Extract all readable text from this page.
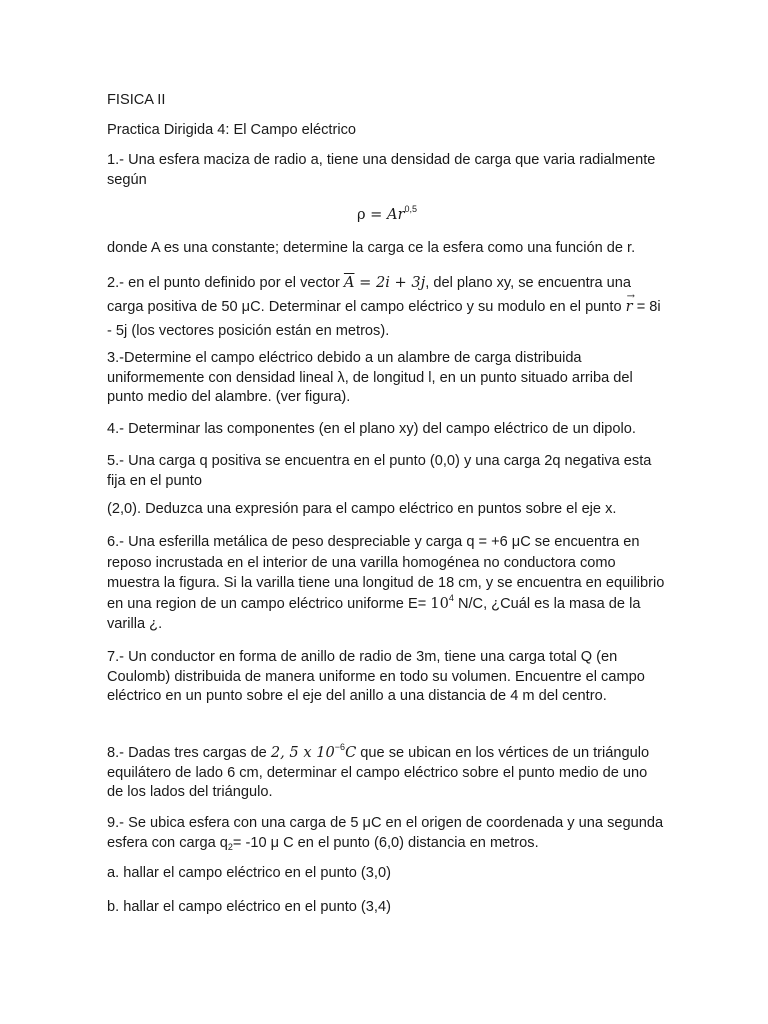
FISICA II

Practica Dirigida 4: El Campo eléctrico

1.- Una esfera maciza de radio a, tiene una densidad de carga que varia radialmente según

ρ = Ar$^{0,5}$

donde A es una constante; determine la carga ce la esfera como una función de r.

2.- en el punto definido por el vector $\overline{A} = 2i + 3j$, del plano xy, se encuentra una carga positiva de 50 μC. Determinar el campo eléctrico y su modulo en el punto
→
r = 8i - 5j (los vectores posición están en metros).

3.-Determine el campo eléctrico debido a un alambre de carga distribuida uniformemente con densidad lineal λ, de longitud l, en un punto situado arriba del punto medio del alambre. (ver figura).

4.- Determinar las componentes (en el plano xy) del campo eléctrico de un dipolo.

5.- Una carga q positiva se encuentra en el punto (0,0) y una carga 2q negativa esta fija en el punto

(2,0). Deduzca una expresión para el campo eléctrico en puntos sobre el eje x.

6.- Una esferilla metálica de peso despreciable y carga q = +6 μC se encuentra en reposo incrustada en el interior de una varilla homogénea no conductora como muestra la figura. Si la varilla tiene una longitud de 18 cm, y se encuentra en equilibrio en una region de un campo eléctrico uniforme $E= 10^4$ N/C, ¿Cuál es la masa de la varilla ¿.

7.- Un conductor en forma de anillo de radio de 3m, tiene una carga total Q (en Coulomb) distribuida de manera uniforme en todo su volumen. Encuentre el campo eléctrico en un punto sobre el eje del anillo a una distancia de 4 m del centro.

8.- Dadas tres cargas de 2, 5 x $10^{-6}C$ que se ubican en los vértices de un triángulo equilátero de lado 6 cm, determinar el campo eléctrico sobre el punto medio de uno de los lados del triángulo.

9.- Se ubica esfera con una carga de 5 μC en el origen de coordenada y una segunda esfera con carga $q_2= -10$ μ C en el punto (6,0) distancia en metros.

a. hallar el campo eléctrico en el punto (3,0)

b. hallar el campo eléctrico en el punto (3,4)
